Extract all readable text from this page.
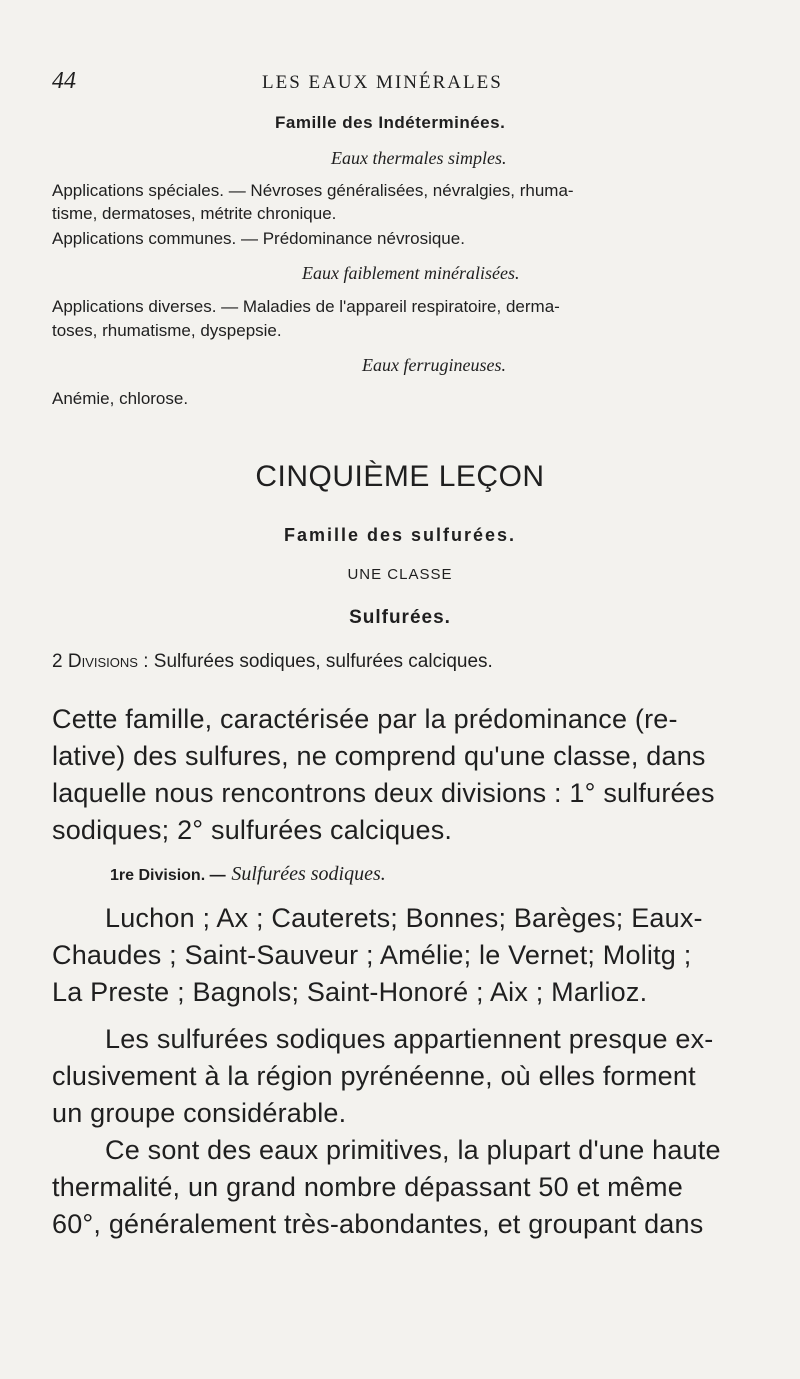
44	LES EAUX MINÉRALES
Famille des Indéterminées.
Eaux thermales simples.
Applications spéciales. — Névroses généralisées, névralgies, rhuma-
tisme, dermatoses, métrite chronique.
Applications communes. — Prédominance névrosique.
Eaux faiblement minéralisées.
Applications diverses. — Maladies de l'appareil respiratoire, derma-
toses, rhumatisme, dyspepsie.
Eaux ferrugineuses.
Anémie, chlorose.
CINQUIÈME LEÇON
Famille des sulfurées.
UNE CLASSE
Sulfurées.
2 Divisions : Sulfurées sodiques, sulfurées calciques.
Cette famille, caractérisée par la prédominance (re-
lative) des sulfures, ne comprend qu'une classe, dans
laquelle nous rencontrons deux divisions : 1° sulfurées
sodiques; 2° sulfurées calciques.
1re Division. — Sulfurées sodiques.
Luchon ; Ax ; Cauterets; Bonnes; Barèges; Eaux-
Chaudes ; Saint-Sauveur ; Amélie; le Vernet; Molitg ;
La Preste ; Bagnols; Saint-Honoré ; Aix ; Marlioz.
Les sulfurées sodiques appartiennent presque ex-
clusivement à la région pyrénéenne, où elles forment
un groupe considérable.
Ce sont des eaux primitives, la plupart d'une haute
thermalité, un grand nombre dépassant 50 et même
60°, généralement très-abondantes, et groupant dans
